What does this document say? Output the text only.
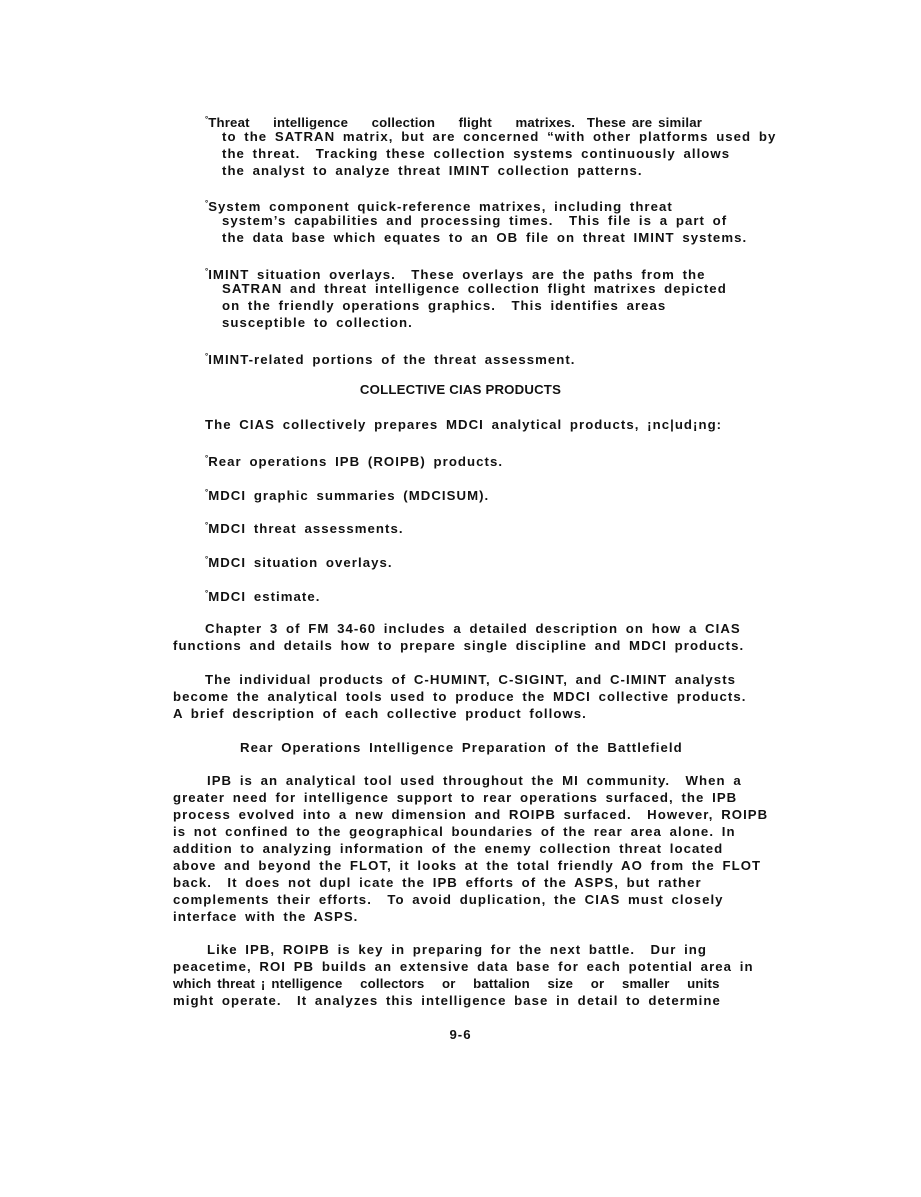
°Threat    intelligence    collection    flight    matrixes.  These are similar
to the SATRAN matrix, but are concerned “with other platforms used by
the threat.  Tracking these collection systems continuously allows
the analyst to analyze threat IMINT collection patterns.
°System component quick-reference matrixes, including threat
system’s capabilities and processing times.  This file is a part of
the data base which equates to an OB file on threat IMINT systems.
°IMINT situation overlays.  These overlays are the paths from the
SATRAN and threat intelligence collection flight matrixes depicted
on the friendly operations graphics.  This identifies areas
susceptible to collection.
°IMINT-related portions of the threat assessment.
COLLECTIVE CIAS PRODUCTS
The CIAS collectively prepares MDCI analytical products, ¡nc|ud¡ng:
°Rear operations IPB (ROIPB) products.
°MDCI graphic summaries (MDCISUM).
°MDCI threat assessments.
°MDCI situation overlays.
°MDCI estimate.
Chapter 3 of FM 34-60 includes a detailed description on how a CIAS
functions and details how to prepare single discipline and MDCI products.
The individual products of C-HUMINT, C-SIGINT, and C-IMINT analysts
become the analytical tools used to produce the MDCI collective products.
A brief description of each collective product follows.
Rear Operations Intelligence Preparation of the Battlefield
IPB is an analytical tool used throughout the MI community.  When a
greater need for intelligence support to rear operations surfaced, the IPB
process evolved into a new dimension and ROIPB surfaced.  However, ROIPB
is not confined to the geographical boundaries of the rear area alone. In
addition to analyzing information of the enemy collection threat located
above and beyond the FLOT, it looks at the total friendly AO from the FLOT
back.  It does not dupl icate the IPB efforts of the ASPS, but rather
complements their efforts.  To avoid duplication, the CIAS must closely
interface with the ASPS.
Like IPB, ROIPB is key in preparing for the next battle.  Dur ing
peacetime, ROI PB builds an extensive data base for each potential area in
which threat ¡ ntelligence   collectors   or   battalion   size   or   smaller   units
might operate.  It analyzes this intelligence base in detail to determine
9-6
